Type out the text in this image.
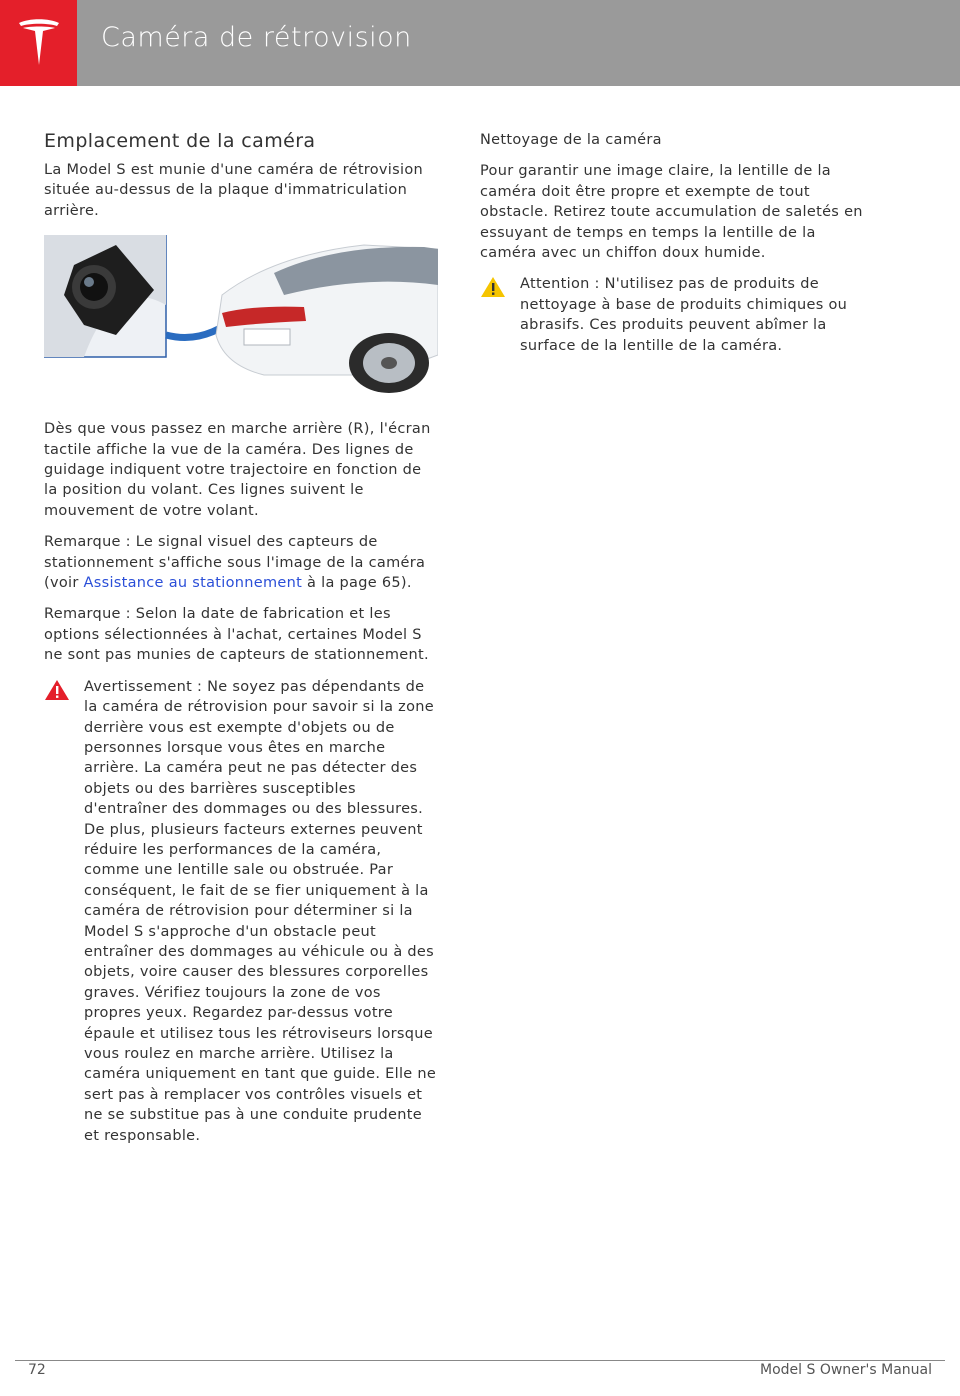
Caméra de rétrovision
Emplacement de la caméra

La Model S est munie d'une caméra de rétrovision située au-dessus de la plaque d'immatriculation arrière.

Dès que vous passez en marche arrière (R), l'écran tactile affiche la vue de la caméra. Des lignes de guidage indiquent votre trajectoire en fonction de la position du volant. Ces lignes suivent le mouvement de votre volant.

Remarque : Le signal visuel des capteurs de stationnement s'affiche sous l'image de la caméra (voir Assistance au stationnement à la page 65).

Remarque : Selon la date de fabrication et les options sélectionnées à l'achat, certaines Model S ne sont pas munies de capteurs de stationnement.

Avertissement : Ne soyez pas dépendants de la caméra de rétrovision pour savoir si la zone derrière vous est exempte d'objets ou de personnes lorsque vous êtes en marche arrière. La caméra peut ne pas détecter des objets ou des barrières susceptibles d'entraîner des dommages ou des blessures. De plus, plusieurs facteurs externes peuvent réduire les performances de la caméra, comme une lentille sale ou obstruée. Par conséquent, le fait de se fier uniquement à la caméra de rétrovision pour déterminer si la Model S s'approche d'un obstacle peut entraîner des dommages au véhicule ou à des objets, voire causer des blessures corporelles graves. Vérifiez toujours la zone de vos propres yeux. Regardez par-dessus votre épaule et utilisez tous les rétroviseurs lorsque vous roulez en marche arrière. Utilisez la caméra uniquement en tant que guide. Elle ne sert pas à remplacer vos contrôles visuels et ne se substitue pas à une conduite prudente et responsable.

Nettoyage de la caméra

Pour garantir une image claire, la lentille de la caméra doit être propre et exempte de tout obstacle. Retirez toute accumulation de saletés en essuyant de temps en temps la lentille de la caméra avec un chiffon doux humide.

Attention : N'utilisez pas de produits de nettoyage à base de produits chimiques ou abrasifs. Ces produits peuvent abîmer la surface de la lentille de la caméra.

72	Model S Owner's Manual
